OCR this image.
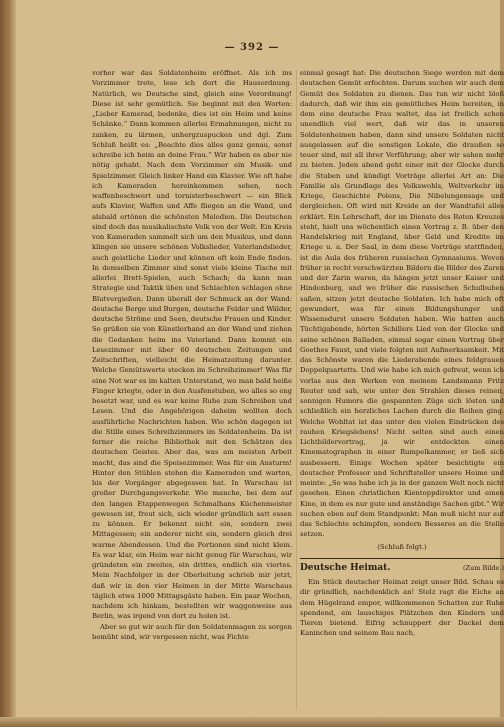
— 392 —

vorher war das Soldatenheim eröffnet. Als ich ins Vorzimmer trete, lese ich dort die Hausordnung. Natürlich, wo Deutsche sind, gleich eine Verordnung! Diese ist sehr gemütlich. Sie beginnt mit den Worten: „Lieber Kamerad, bedenke, dies ist ein Heim und keine Schänke.“ Dann kommen allerlei Ermahnungen, nicht zu zanken, zu lärmen, unhergzuspucken und dgl. Zum Schluß heißt es: „Beachte dies alles ganz genau, sonst schreibe ich heim an deine Frau.“ Wir haben es aber nie nötig gehabt. Nach dem Vorzimmer ein Musik- und Spielzimmer. Gleich linker Hand ein Klavier. Wie oft habe ich Kameraden hereinkommen sehen, noch waffenbeschwert und tornisterbeschwert — ein Blick aufs Klavier, Waffen und Affe fliegen an die Wand, und alsbald ertönen die schönsten Melodien. Die Deutschen sind doch das musikalischste Volk von der Welt. Ein Kreis von Kameraden sammelt sich um den Musikus, und dann klingen sie unsere schönen Volkslieder, Vaterlandslieder, auch geistliche Lieder und können oft kein Ende finden. In demselben Zimmer sind sonst viele kleine Tische mit allerlei Brett-Spielen, auch Schach; da kann man Strategie und Taktik üben und Schlachten schlagen ohne Blutvergießen. Dann überall der Schmuck an der Wand: deutsche Berge und Burgen, deutsche Felder und Wälder, deutsche Ströme und Seen, deutsche Frauen und Kinder. So grüßen sie von Künstlerhand an der Wand und ziehen die Gedanken heim ins Vaterland. Dann kommt ein Lesezimmer mit über 60 deutschen Zeitungen und Zeitschriften, vielleicht die Heimatzeitung darunter. Welche Gemütswerte stecken im Schreibzimmer! Was für eine Not war es im kalten Unterstand, wo man bald heiße Finger kriegte, oder in den Ausfenstuben, wo alles so eng besetzt war, und es war keine Ruhe zum Schreiben und Lesen. Und die Angehörigen daheim wollten doch ausführliche Nachrichten haben. Wie schön dagegen ist die Stille eines Schreibzimmers im Soldatenheim. Da ist ferner die reiche Bibliothek mit den Schätzen des deutschen Geistes. Aber das, was am meisten Arbeit macht, das sind die Speisezimmer. Was für ein Ansturm! Hinter den Stühlen stehen die Kameraden und warten, bis der Vorgänger abgegessen hat. In Warschau ist großer Durchgangsverkehr. Wie manche, bei dem auf den langen Etappenwegen Schmalhans Küchenmeister gewesen ist, freut sich, sich wieder gründlich satt essen zu können. Er bekennt nicht ein, sondern zwei Mittagessen; ein anderer nicht ein, sondern gleich drei warme Abendessen. Und die Portionen sind nicht klein. Es war klar, ein Heim war nicht genug für Warschau, wir gründeten ein zweites, ein drittes, endlich ein viertes. Mein Nachfolger in der Oberleitung schrieb mir jetzt, daß wir in den vier Heimen in der Mitte Warschaus täglich etwa 1000 Mittagsgäste haben. Ein paar Wochen, nachdem ich hinkam, bestellten wir waggonweise aus Berlin, was irgend von dort zu holen ist.

Aber so gut wir auch für den Soldatenmagen zu sorgen bemüht sind, wir vergessen nicht, was Fichte

einmal gesagt hat: Die deutschen Siege werden mit dem deutschen Gemüt erfochten. Darum suchen wir auch dem Gemüt des Soldaten zu dienen. Das tun wir nicht bloß dadurch, daß wir ihm ein gemütliches Heim bereiten, in dem eine deutsche Frau waltet, das ist freilich schon unendlich viel wert, daß wir das in unseren Soldatenheimen haben, dann sind unsere Soldaten nicht ausgelassen auf die sonstigen Lokale, die draußen so teuer sind, mit all ihrer Verführung; aber wir sahen mehr zu bieten. Jeden abend geht einer mit der Glocke durch die Stuben und kündigt Vorträge allerlei Art an: Die Familie als Grundlage des Volkswohls, Weltverkehr im Kriege, Geschichte Polens, Die Nibelungensage und dergleichen. Oft wird mit Kreide an der Wandtafel alles erklärt. Ein Lehrschaft, der im Dienste des Roten Kreuzes steht, hielt uns wöchentlich einen Vortrag z. B. über den Handelskrieg mit England, über Geld und Kredite im Kriege u. a. Der Saal, in dem diese Vorträge stattfinden, ist die Aula des früheren russischen Gymnasiums. Wovon früher in recht verschwärzten Bildern die Bilder des Zaren und der Zarin waren, da hängen jetzt unser Kaiser und Hindenburg, und wo früher die russischen Schulbuben saßen, sitzen jetzt deutsche Soldaten. Ich habe mich oft gewundert, was für einen Bildungshunger und Wissensdurst unsere Soldaten haben. Wie hatten auch Tüchtigabende, hörten Schillers Lied von der Glocke und seine schönen Balladen, einmal sogar einen Vortrag über Goethes Faust, und viele folgten mit Aufmerksamkeit. Mit das Schönste waren die Liederabende eines feldgrauen Doppelquartetts. Und wie habe ich mich gefreut, wenn ich vorlas aus den Werken von meinem Landsmann Fritz Reuter und sah, wie unter den Strahlen dieses reinen, sonnigen Humors die gespannten Züge sich lösten und schließlich ein herzliches Lachen durch die Reihen ging. Welche Wohltat ist das unter den vielen Eindrücken des rauhen Kriegslebens! Nicht selten sind auch einen Lichtbildervortrag, ja wir entdeckten einen Kinematographen in einer Rumpelkammer, er ließ sich ausbessern. Einige Wochen später besichtigte ein deutscher Professor und Schriftsteller unsere Heime und meinte: „So was habe ich ja in der ganzen Welt noch nicht gesehen. Einen christlichen Kientoppdirektor und einen Kino, in dem es nur gute und anständige Sachen gibt.“ Wir suchen eben auf dem Standpunkt: Man muß nicht nur auf das Schlechte schimpfen, sondern Besseres an die Stelle setzen.

(Schluß folgt.)

Deutsche Heimat.	(Zum Bilde.)

Ein Stück deutscher Heimat zeigt unser Bild. Schau es dir gründlich, nachdenklich an! Stolz ragt die Eiche an dem Hügelrand empor, willkommenen Schatten zur Ruhe spendend, ein lauschiges Plätzchen den Kindern und Tieren bietend. Eifrig schnuppert der Dackel dem Kaninchen und seinem Bau nach,
